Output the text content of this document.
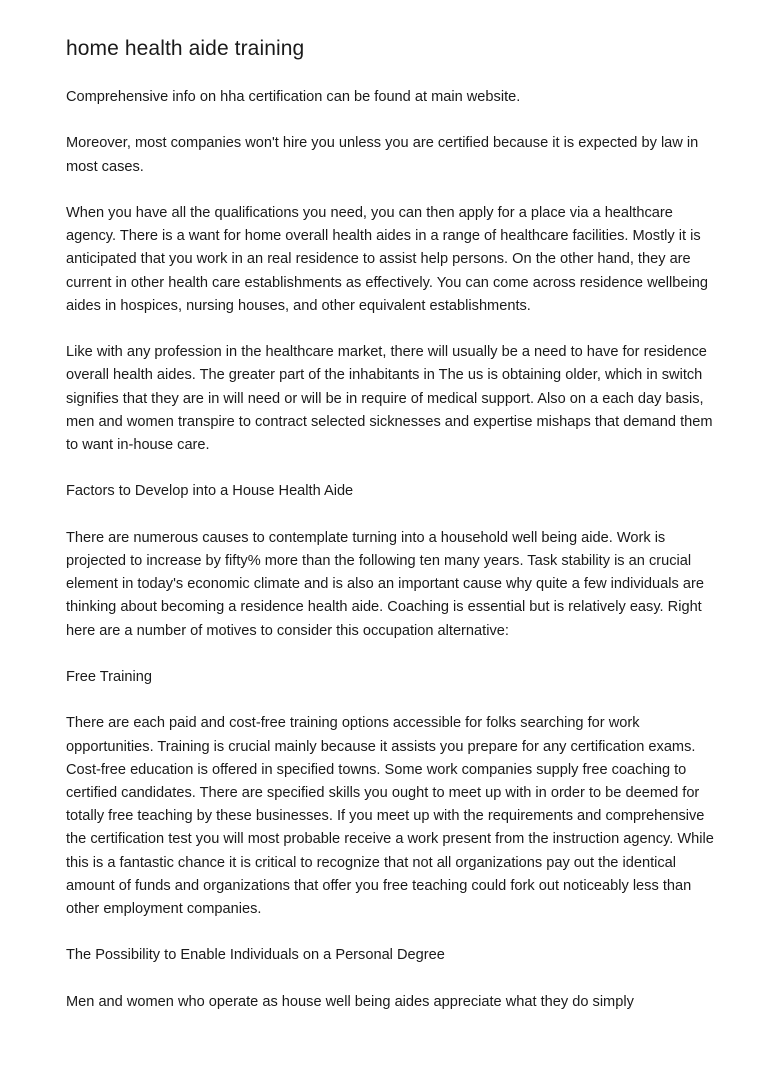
home health aide training

Comprehensive info on hha certification can be found at main website.

Moreover, most companies won't hire you unless you are certified because it is expected by law in most cases.

When you have all the qualifications you need, you can then apply for a place via a healthcare agency. There is a want for home overall health aides in a range of healthcare facilities. Mostly it is anticipated that you work in an real residence to assist help persons. On the other hand, they are current in other health care establishments as effectively. You can come across residence wellbeing aides in hospices, nursing houses, and other equivalent establishments.

Like with any profession in the healthcare market, there will usually be a need to have for residence overall health aides. The greater part of the inhabitants in The us is obtaining older, which in switch signifies that they are in will need or will be in require of medical support. Also on a each day basis, men and women transpire to contract selected sicknesses and expertise mishaps that demand them to want in-house care.

Factors to Develop into a House Health Aide

There are numerous causes to contemplate turning into a household well being aide. Work is projected to increase by fifty% more than the following ten many years. Task stability is an crucial element in today's economic climate and is also an important cause why quite a few individuals are thinking about becoming a residence health aide. Coaching is essential but is relatively easy. Right here are a number of motives to consider this occupation alternative:

Free Training

There are each paid and cost-free training options accessible for folks searching for work opportunities. Training is crucial mainly because it assists you prepare for any certification exams. Cost-free education is offered in specified towns. Some work companies supply free coaching to certified candidates. There are specified skills you ought to meet up with in order to be deemed for totally free teaching by these businesses. If you meet up with the requirements and comprehensive the certification test you will most probable receive a work present from the instruction agency. While this is a fantastic chance it is critical to recognize that not all organizations pay out the identical amount of funds and organizations that offer you free teaching could fork out noticeably less than other employment companies.

The Possibility to Enable Individuals on a Personal Degree

Men and women who operate as house well being aides appreciate what they do simply
